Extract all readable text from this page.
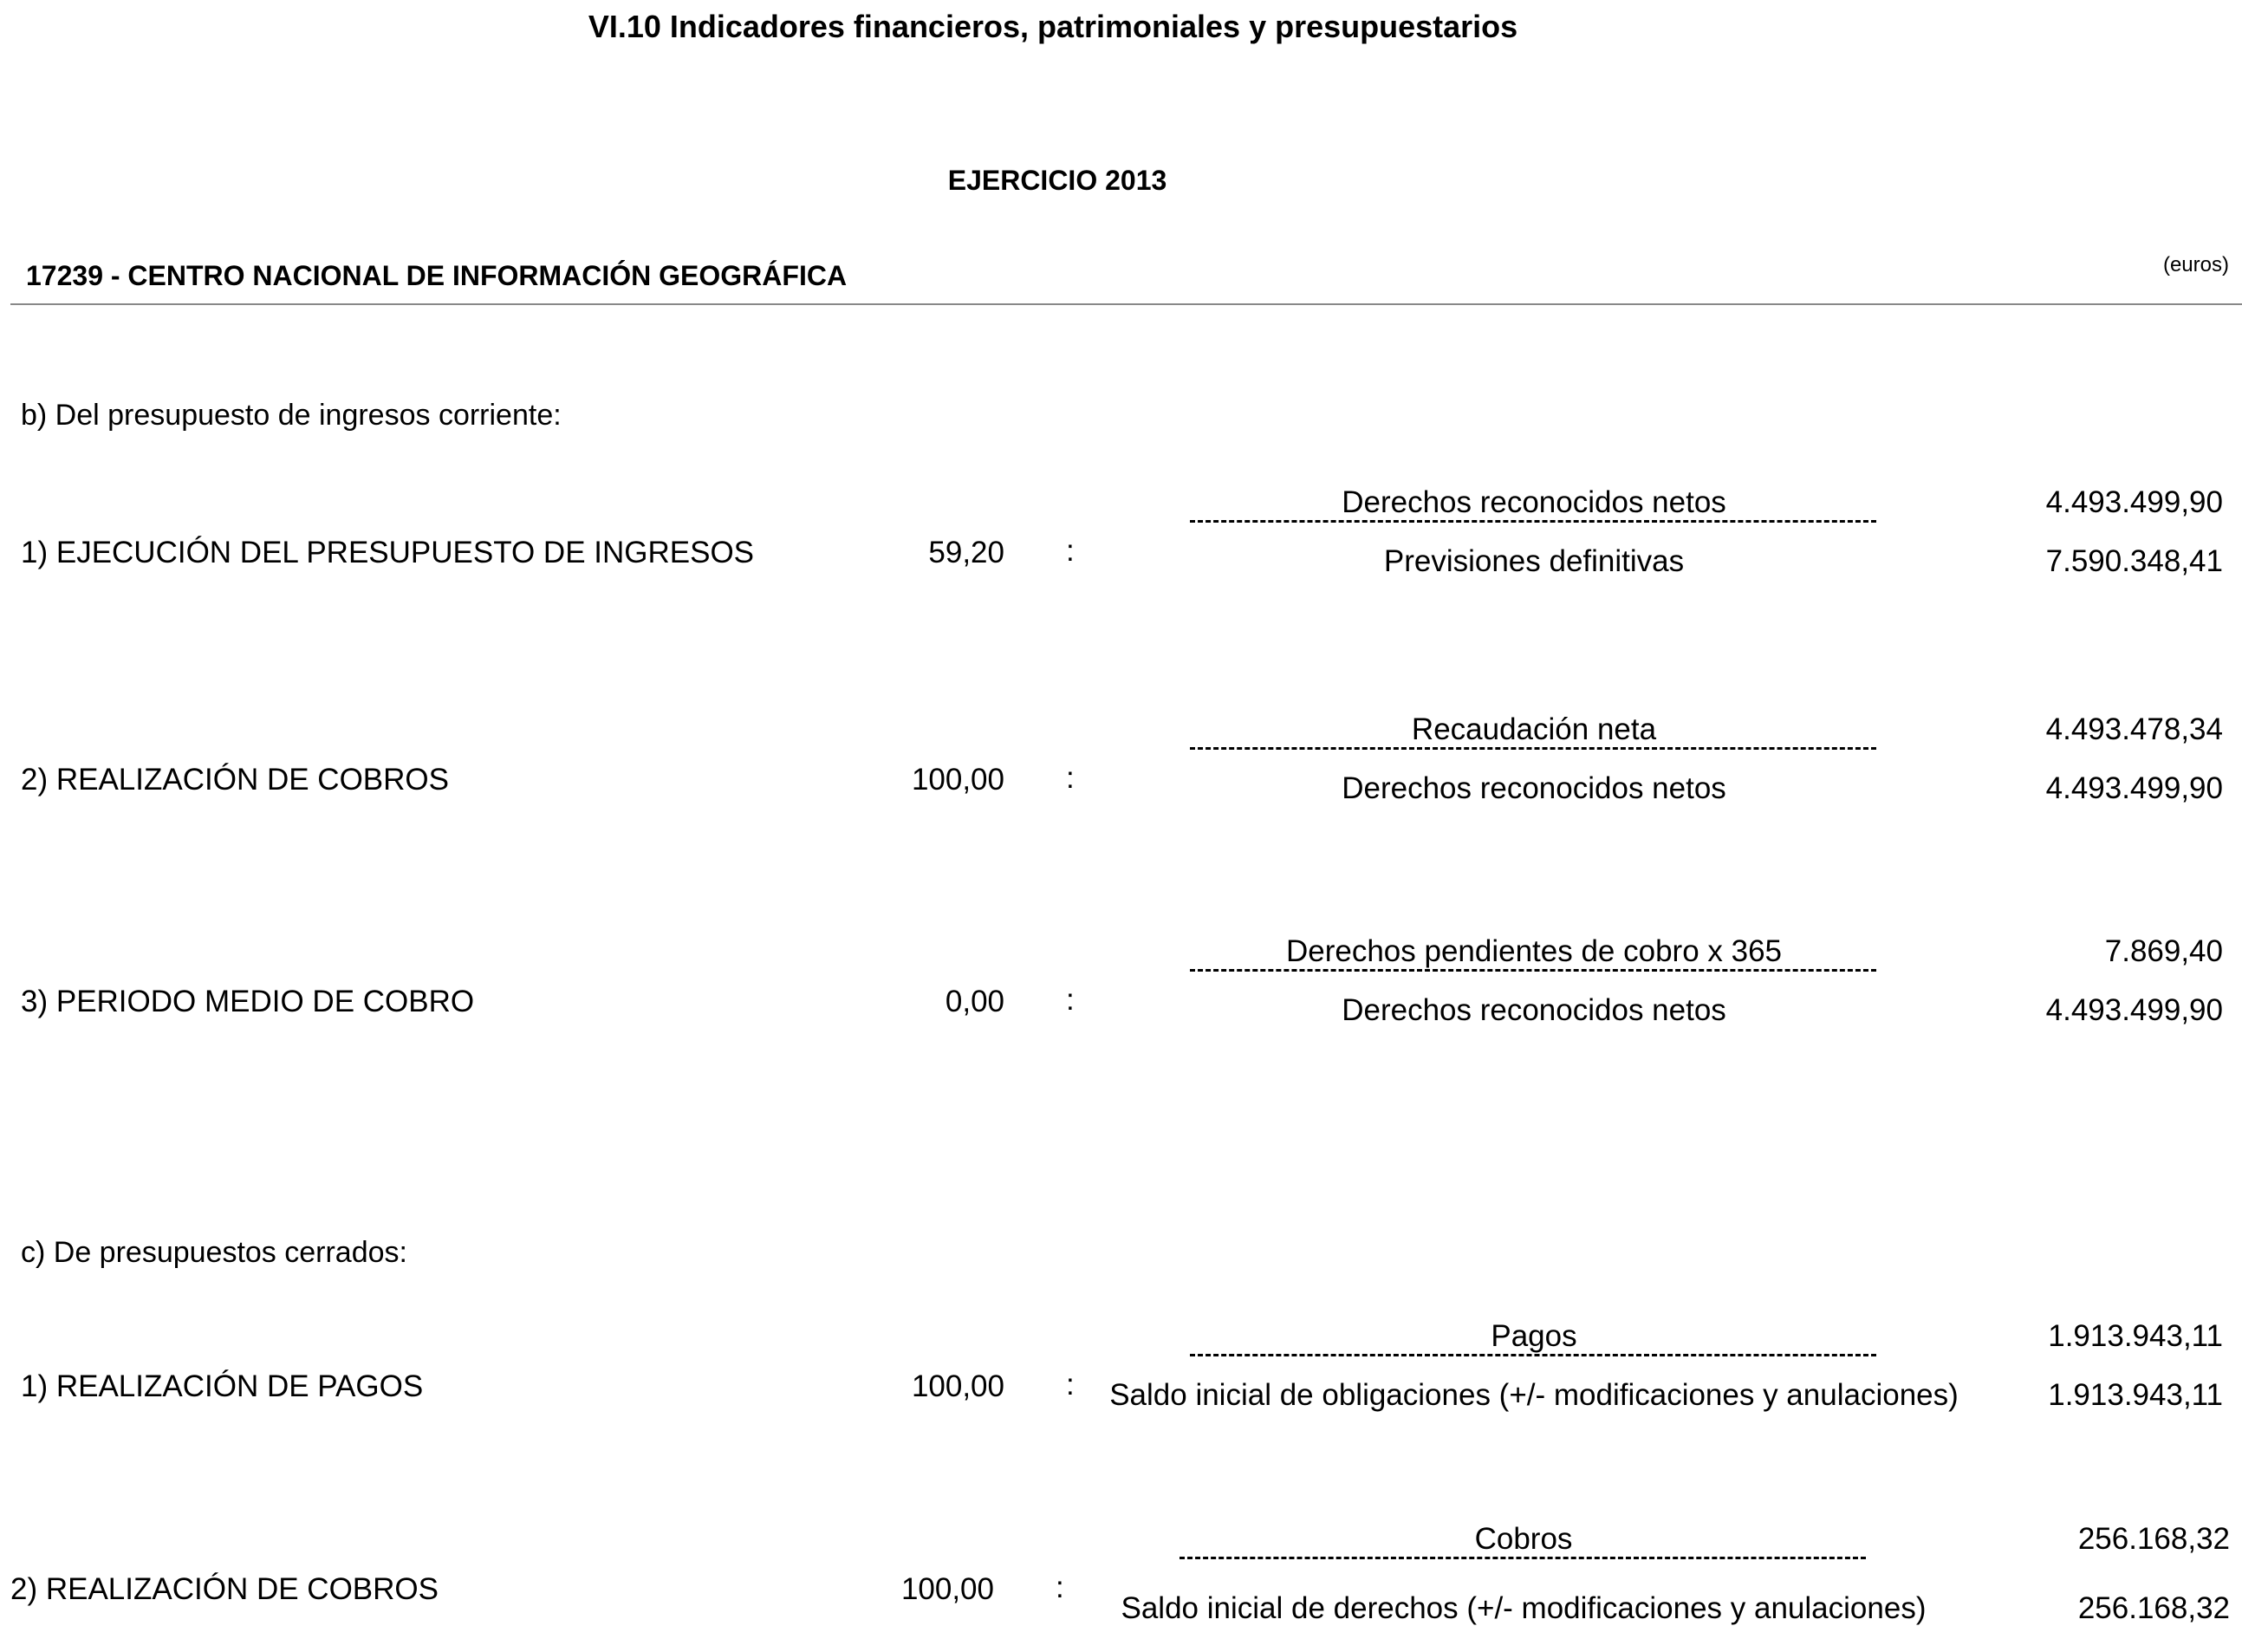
VI.10 Indicadores financieros, patrimoniales y presupuestarios
EJERCICIO 2013
17239 - CENTRO NACIONAL DE INFORMACIÓN GEOGRÁFICA	(euros)
b) Del presupuesto de ingresos corriente:
1) EJECUCIÓN DEL PRESUPUESTO DE INGRESOS	59,20 :
Derechos reconocidos netos	4.493.499,90
Previsiones definitivas	7.590.348,41
2) REALIZACIÓN DE COBROS	100,00 :
Recaudación neta	4.493.478,34
Derechos reconocidos netos	4.493.499,90
3) PERIODO MEDIO DE COBRO	0,00 :
Derechos pendientes de cobro x 365	7.869,40
Derechos reconocidos netos	4.493.499,90
c) De presupuestos cerrados:
1) REALIZACIÓN DE PAGOS	100,00 :
Pagos	1.913.943,11
Saldo inicial de obligaciones (+/- modificaciones y anulaciones)	1.913.943,11
2) REALIZACIÓN DE COBROS	100,00 :
Cobros	256.168,32
Saldo inicial de derechos (+/- modificaciones y anulaciones)	256.168,32
